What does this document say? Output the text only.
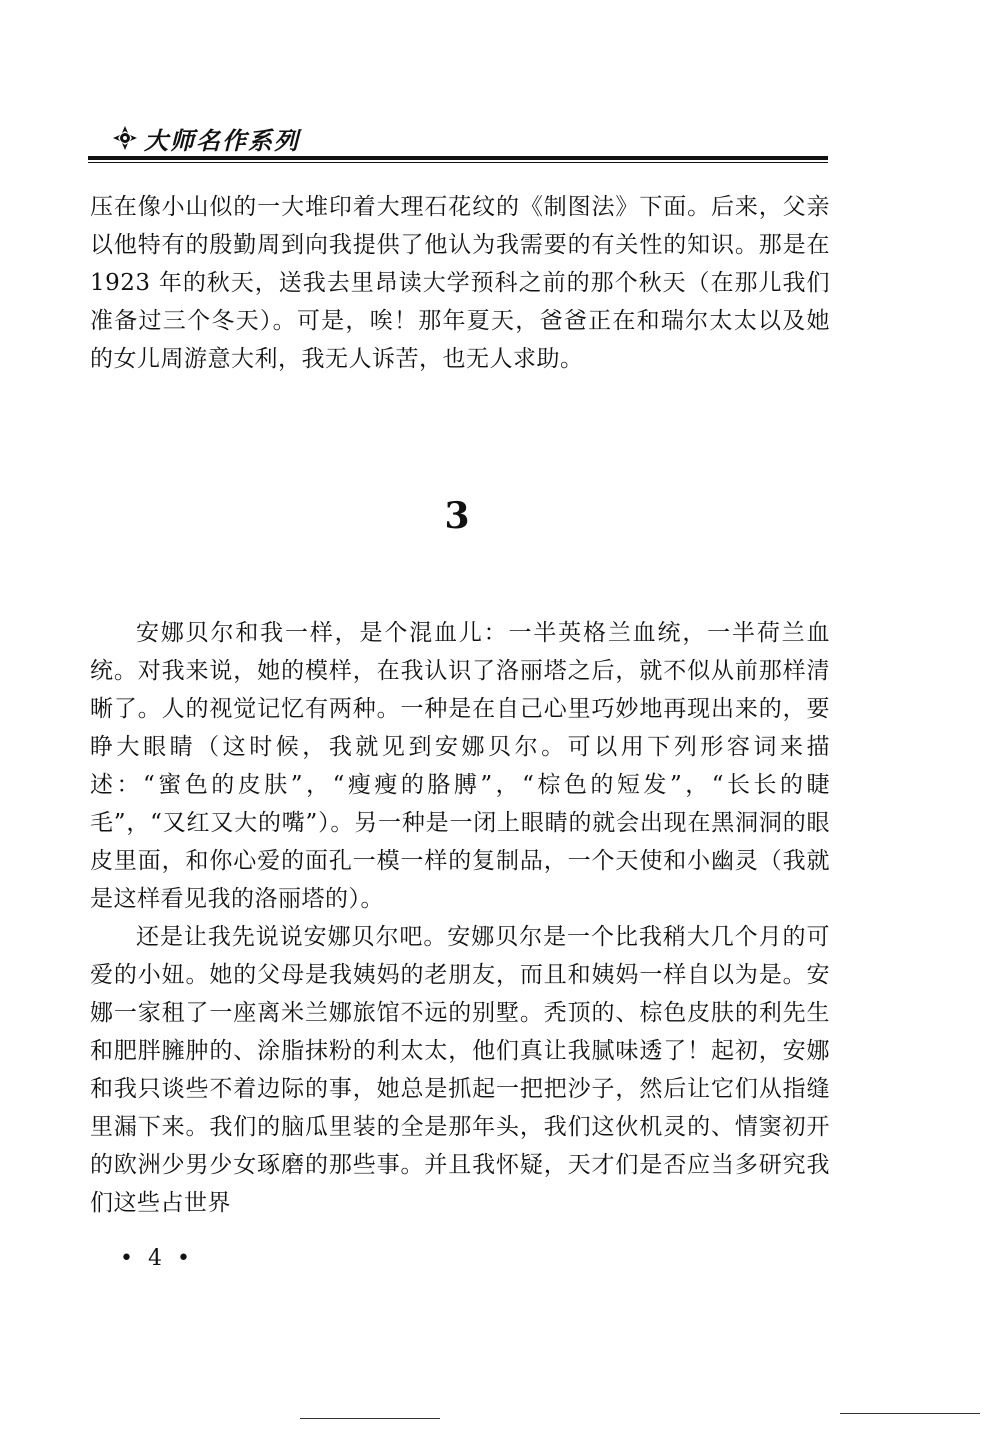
大师名作系列

压在像小山似的一大堆印着大理石花纹的《制图法》下面。后来，父亲以他特有的殷勤周到向我提供了他认为我需要的有关性的知识。那是在 1923 年的秋天，送我去里昂读大学预科之前的那个秋天（在那儿我们准备过三个冬天）。可是，唉！那年夏天，爸爸正在和瑞尔太太以及她的女儿周游意大利，我无人诉苦，也无人求助。

3

安娜贝尔和我一样，是个混血儿：一半英格兰血统，一半荷兰血统。对我来说，她的模样，在我认识了洛丽塔之后，就不似从前那样清晰了。人的视觉记忆有两种。一种是在自己心里巧妙地再现出来的，要睁大眼睛（这时候，我就见到安娜贝尔。可以用下列形容词来描述：“蜜色的皮肤”，“瘦瘦的胳膊”，“棕色的短发”，“长长的睫毛”，“又红又大的嘴”）。另一种是一闭上眼睛的就会出现在黑洞洞的眼皮里面，和你心爱的面孔一模一样的复制品，一个天使和小幽灵（我就是这样看见我的洛丽塔的）。

还是让我先说说安娜贝尔吧。安娜贝尔是一个比我稍大几个月的可爱的小妞。她的父母是我姨妈的老朋友，而且和姨妈一样自以为是。安娜一家租了一座离米兰娜旅馆不远的别墅。秃顶的、棕色皮肤的利先生和肥胖臃肿的、涂脂抹粉的利太太，他们真让我腻味透了！起初，安娜和我只谈些不着边际的事，她总是抓起一把把沙子，然后让它们从指缝里漏下来。我们的脑瓜里装的全是那年头，我们这伙机灵的、情窦初开的欧洲少男少女琢磨的那些事。并且我怀疑，天才们是否应当多研究我们这些占世界

• 4 •
